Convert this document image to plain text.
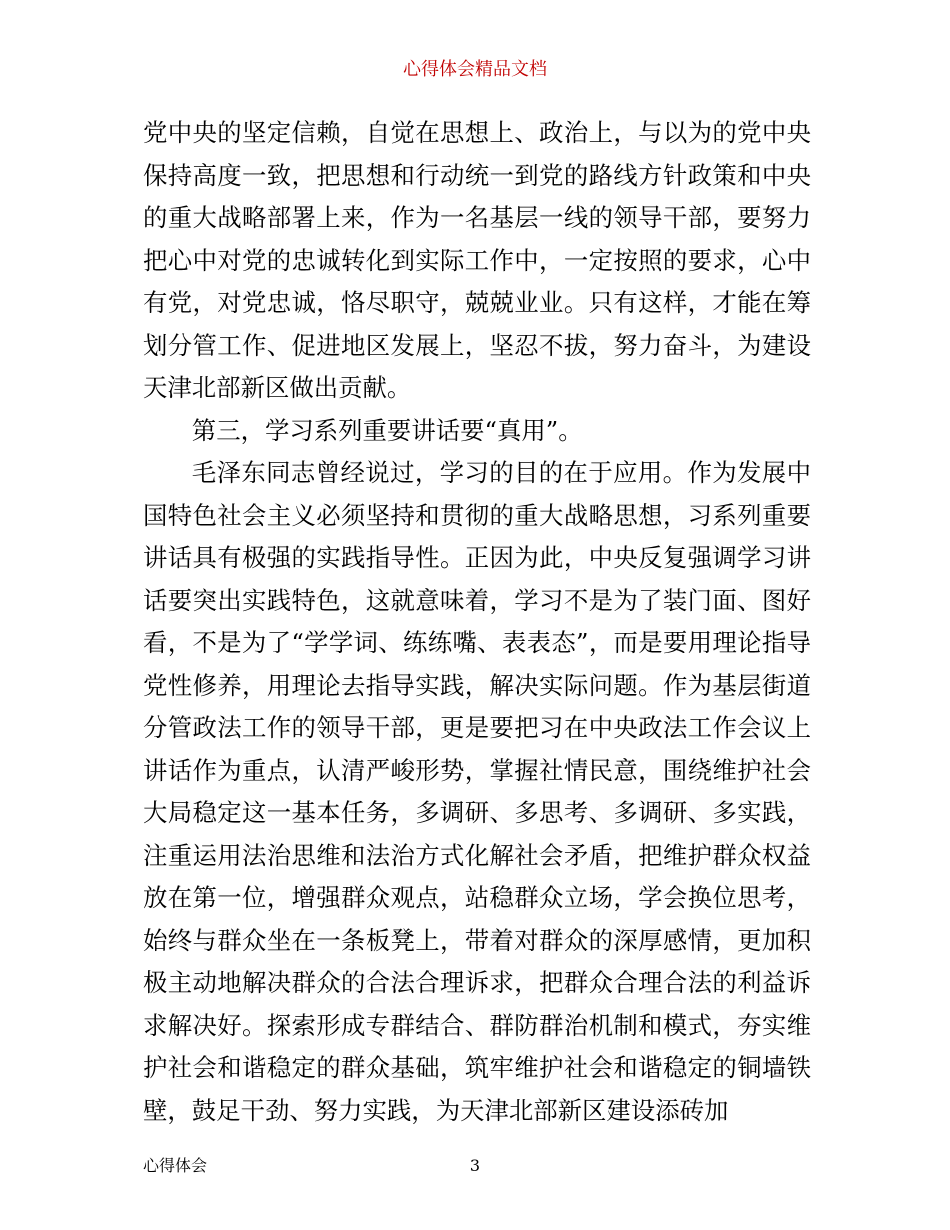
心得体会精品文档

党中央的坚定信赖，自觉在思想上、政治上，与以为的党中央保持高度一致，把思想和行动统一到党的路线方针政策和中央的重大战略部署上来，作为一名基层一线的领导干部，要努力把心中对党的忠诚转化到实际工作中，一定按照的要求，心中有党，对党忠诚，恪尽职守，兢兢业业。只有这样，才能在筹划分管工作、促进地区发展上，坚忍不拔，努力奋斗，为建设天津北部新区做出贡献。

第三，学习系列重要讲话要“真用”。

毛泽东同志曾经说过，学习的目的在于应用。作为发展中国特色社会主义必须坚持和贯彻的重大战略思想，习系列重要讲话具有极强的实践指导性。正因为此，中央反复强调学习讲话要突出实践特色，这就意味着，学习不是为了装门面、图好看，不是为了“学学词、练练嘴、表表态”，而是要用理论指导党性修养，用理论去指导实践，解决实际问题。作为基层街道分管政法工作的领导干部，更是要把习在中央政法工作会议上讲话作为重点，认清严峻形势，掌握社情民意，围绕维护社会大局稳定这一基本任务，多调研、多思考、多调研、多实践，注重运用法治思维和法治方式化解社会矛盾，把维护群众权益放在第一位，增强群众观点，站稳群众立场，学会换位思考，始终与群众坐在一条板凳上，带着对群众的深厚感情，更加积极主动地解决群众的合法合理诉求，把群众合理合法的利益诉求解决好。探索形成专群结合、群防群治机制和模式，夯实维护社会和谐稳定的群众基础，筑牢维护社会和谐稳定的铜墙铁壁，鼓足干劲、努力实践，为天津北部新区建设添砖加

心得体会	3
